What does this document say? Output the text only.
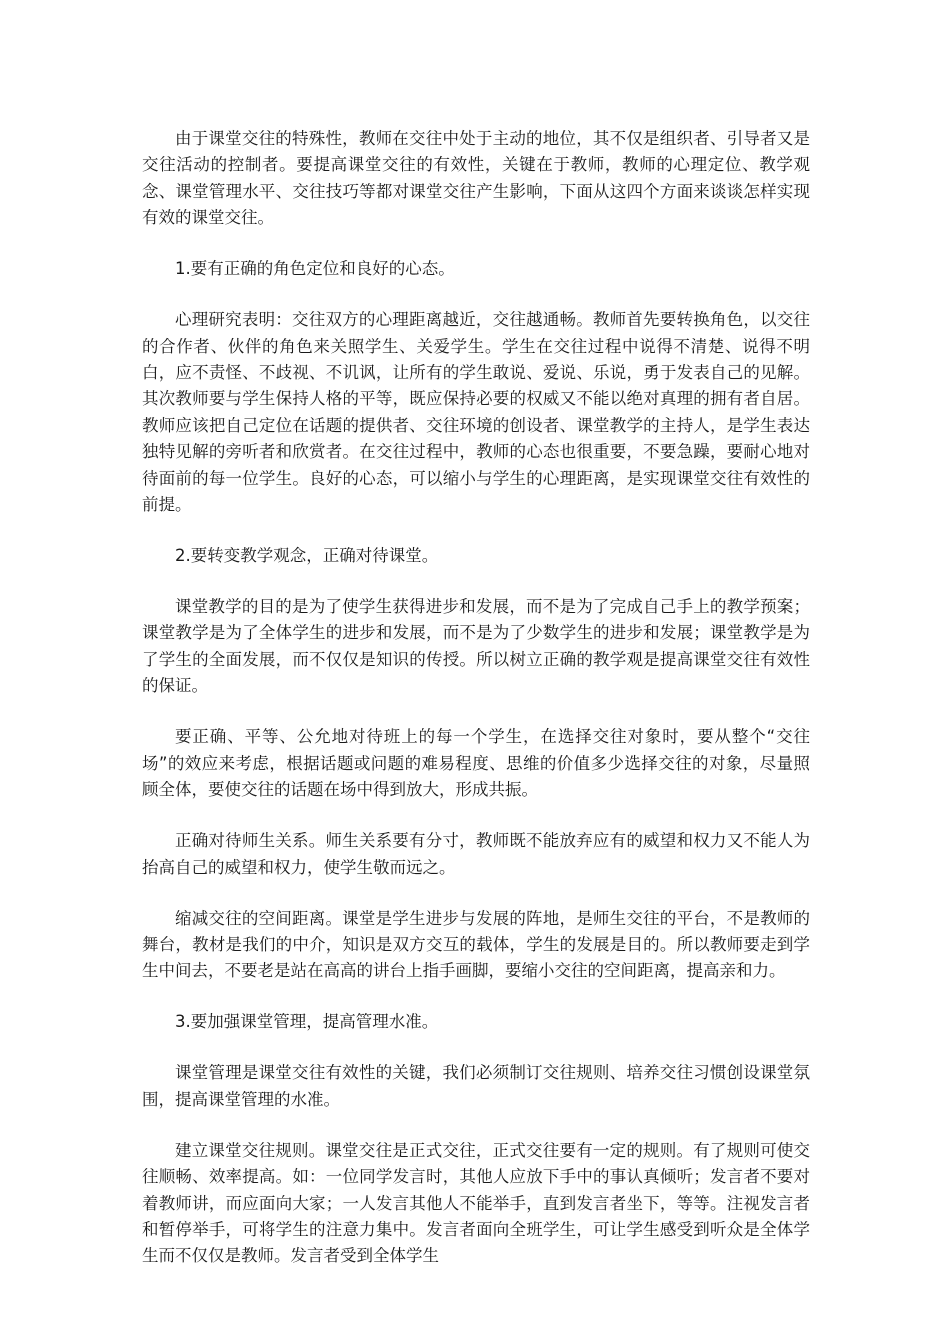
由于课堂交往的特殊性，教师在交往中处于主动的地位，其不仅是组织者、引导者又是交往活动的控制者。要提高课堂交往的有效性，关键在于教师，教师的心理定位、教学观念、课堂管理水平、交往技巧等都对课堂交往产生影响，下面从这四个方面来谈谈怎样实现有效的课堂交往。

1.要有正确的角色定位和良好的心态。

心理研究表明：交往双方的心理距离越近，交往越通畅。教师首先要转换角色，以交往的合作者、伙伴的角色来关照学生、关爱学生。学生在交往过程中说得不清楚、说得不明白，应不责怪、不歧视、不讥讽，让所有的学生敢说、爱说、乐说，勇于发表自己的见解。其次教师要与学生保持人格的平等，既应保持必要的权威又不能以绝对真理的拥有者自居。教师应该把自己定位在话题的提供者、交往环境的创设者、课堂教学的主持人，是学生表达独特见解的旁听者和欣赏者。在交往过程中，教师的心态也很重要，不要急躁，要耐心地对待面前的每一位学生。良好的心态，可以缩小与学生的心理距离，是实现课堂交往有效性的前提。

2.要转变教学观念，正确对待课堂。

课堂教学的目的是为了使学生获得进步和发展，而不是为了完成自己手上的教学预案；课堂教学是为了全体学生的进步和发展，而不是为了少数学生的进步和发展；课堂教学是为了学生的全面发展，而不仅仅是知识的传授。所以树立正确的教学观是提高课堂交往有效性的保证。

要正确、平等、公允地对待班上的每一个学生，在选择交往对象时，要从整个“交往场”的效应来考虑，根据话题或问题的难易程度、思维的价值多少选择交往的对象，尽量照顾全体，要使交往的话题在场中得到放大，形成共振。

正确对待师生关系。师生关系要有分寸，教师既不能放弃应有的威望和权力又不能人为抬高自己的威望和权力，使学生敬而远之。

缩减交往的空间距离。课堂是学生进步与发展的阵地，是师生交往的平台，不是教师的舞台，教材是我们的中介，知识是双方交互的载体，学生的发展是目的。所以教师要走到学生中间去，不要老是站在高高的讲台上指手画脚，要缩小交往的空间距离，提高亲和力。

3.要加强课堂管理，提高管理水准。

课堂管理是课堂交往有效性的关键，我们必须制订交往规则、培养交往习惯创设课堂氛围，提高课堂管理的水准。

建立课堂交往规则。课堂交往是正式交往，正式交往要有一定的规则。有了规则可使交往顺畅、效率提高。如：一位同学发言时，其他人应放下手中的事认真倾听；发言者不要对着教师讲，而应面向大家；一人发言其他人不能举手，直到发言者坐下，等等。注视发言者和暂停举手，可将学生的注意力集中。发言者面向全班学生，可让学生感受到听众是全体学生而不仅仅是教师。发言者受到全体学生
